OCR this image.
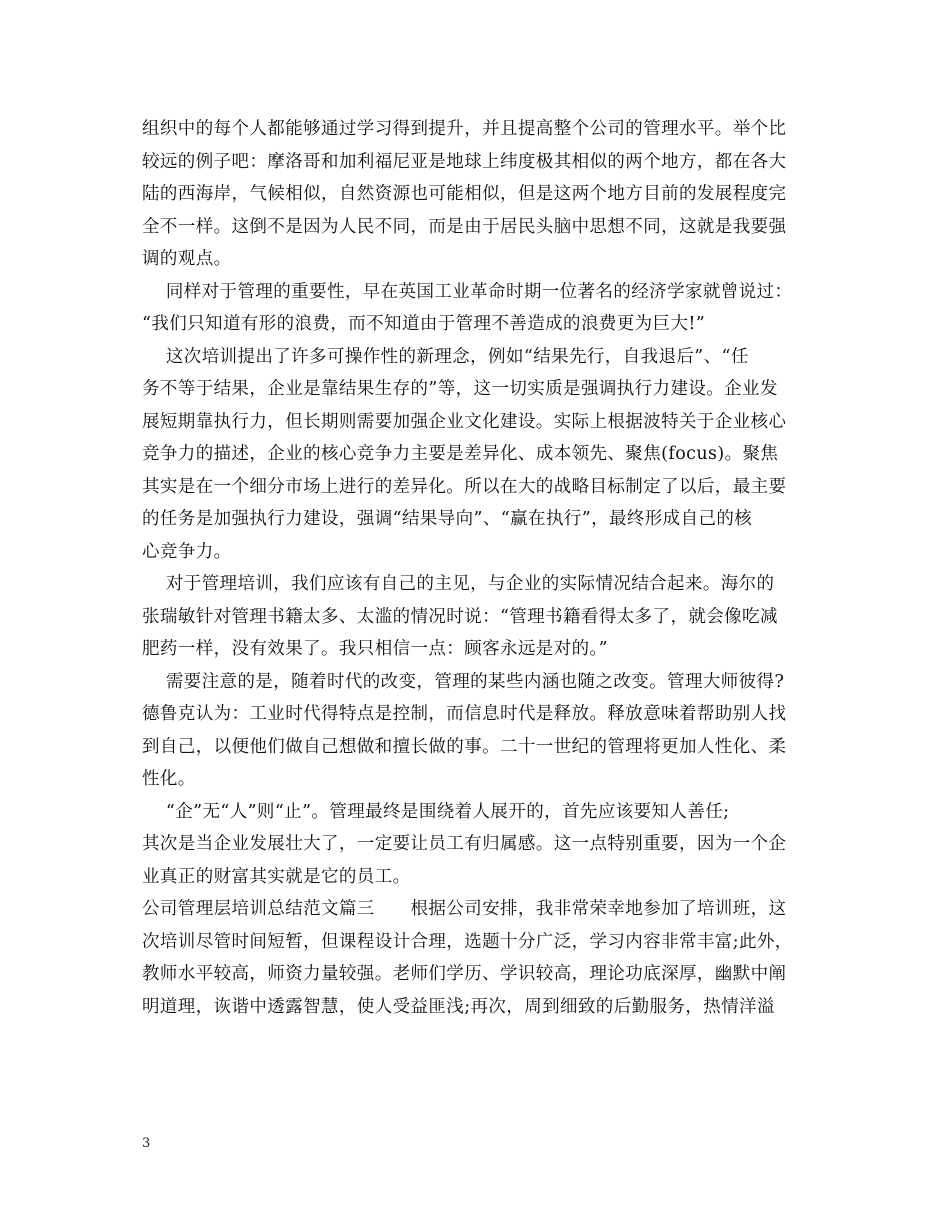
组织中的每个人都能够通过学习得到提升，并且提高整个公司的管理水平。举个比
较远的例子吧：摩洛哥和加利福尼亚是地球上纬度极其相似的两个地方，都在各大
陆的西海岸，气候相似，自然资源也可能相似，但是这两个地方目前的发展程度完
全不一样。这倒不是因为人民不同，而是由于居民头脑中思想不同，这就是我要强
调的观点。
同样对于管理的重要性，早在英国工业革命时期一位著名的经济学家就曾说过：
“我们只知道有形的浪费，而不知道由于管理不善造成的浪费更为巨大!”
这次培训提出了许多可操作性的新理念，例如“结果先行，自我退后”、“任
务不等于结果，企业是靠结果生存的”等，这一切实质是强调执行力建设。企业发
展短期靠执行力，但长期则需要加强企业文化建设。实际上根据波特关于企业核心
竞争力的描述，企业的核心竞争力主要是差异化、成本领先、聚焦(focus)。聚焦
其实是在一个细分市场上进行的差异化。所以在大的战略目标制定了以后，最主要
的任务是加强执行力建设，强调“结果导向”、“赢在执行”，最终形成自己的核
心竞争力。
对于管理培训，我们应该有自己的主见，与企业的实际情况结合起来。海尔的
张瑞敏针对管理书籍太多、太滥的情况时说：“管理书籍看得太多了，就会像吃减
肥药一样，没有效果了。我只相信一点：顾客永远是对的。”
需要注意的是，随着时代的改变，管理的某些内涵也随之改变。管理大师彼得?
德鲁克认为：工业时代得特点是控制，而信息时代是释放。释放意味着帮助别人找
到自己，以便他们做自己想做和擅长做的事。二十一世纪的管理将更加人性化、柔
性化。
“企”无“人”则“止”。管理最终是围绕着人展开的，首先应该要知人善任;
其次是当企业发展壮大了，一定要让员工有归属感。这一点特别重要，因为一个企
业真正的财富其实就是它的员工。
公司管理层培训总结范文篇三　　根据公司安排，我非常荣幸地参加了培训班，这
次培训尽管时间短暂，但课程设计合理，选题十分广泛，学习内容非常丰富;此外，
教师水平较高，师资力量较强。老师们学历、学识较高，理论功底深厚，幽默中阐
明道理，诙谐中透露智慧，使人受益匪浅;再次，周到细致的后勤服务，热情洋溢
3
